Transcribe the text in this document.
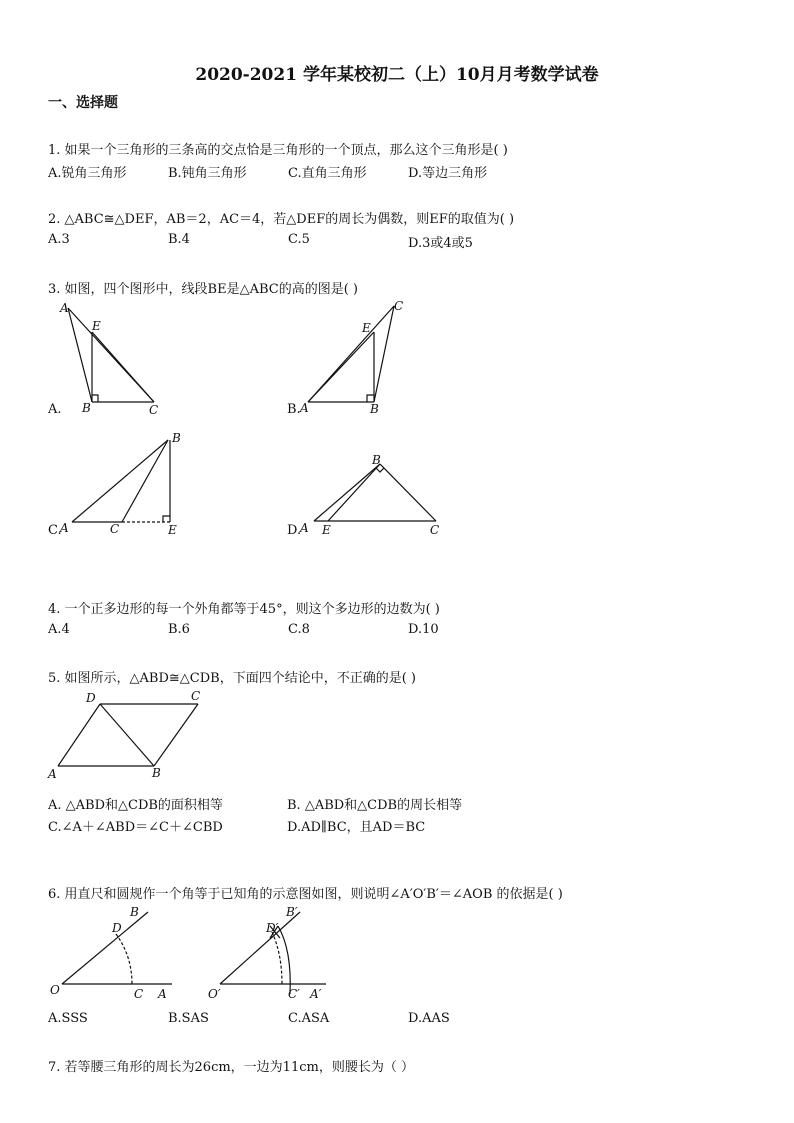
2020-2021 学年某校初二（上）10月月考数学试卷
一、选择题
1. 如果一个三角形的三条高的交点恰是三角形的一个顶点，那么这个三角形是( )
A.锐角三角形	B.钝角三角形	C.直角三角形	D.等边三角形
2. △ABC≅△DEF，AB＝2，AC＝4，若△DEF的周长为偶数，则EF的取值为( )
A.3	B.4	C.5	D.3或4或5
3. 如图，四个图形中，线段BE是△ABC的高的图是( )
A
E
B	C
A.
C
E
A	B
B.
B
A	C	E
C.
B
A E	C
D.
4. 一个正多边形的每一个外角都等于45°，则这个多边形的边数为( )
A.4	B.6	C.8	D.10
5. 如图所示，△ABD≅△CDB，下面四个结论中，不正确的是( )
D	C
A	B
A. △ABD和△CDB的面积相等	B. △ABD和△CDB的周长相等
C.∠A＋∠ABD＝∠C＋∠CBD	D.AD∥BC，且AD＝BC
6. 用直尺和圆规作一个角等于已知角的示意图如图，则说明∠A′O′B′＝∠AOB 的依据是( )
O
B
D
C A	O′
B′
D′
C′ A′
A.SSS	B.SAS	C.ASA	D.AAS
7. 若等腰三角形的周长为26cm，一边为11cm，则腰长为（ ）
